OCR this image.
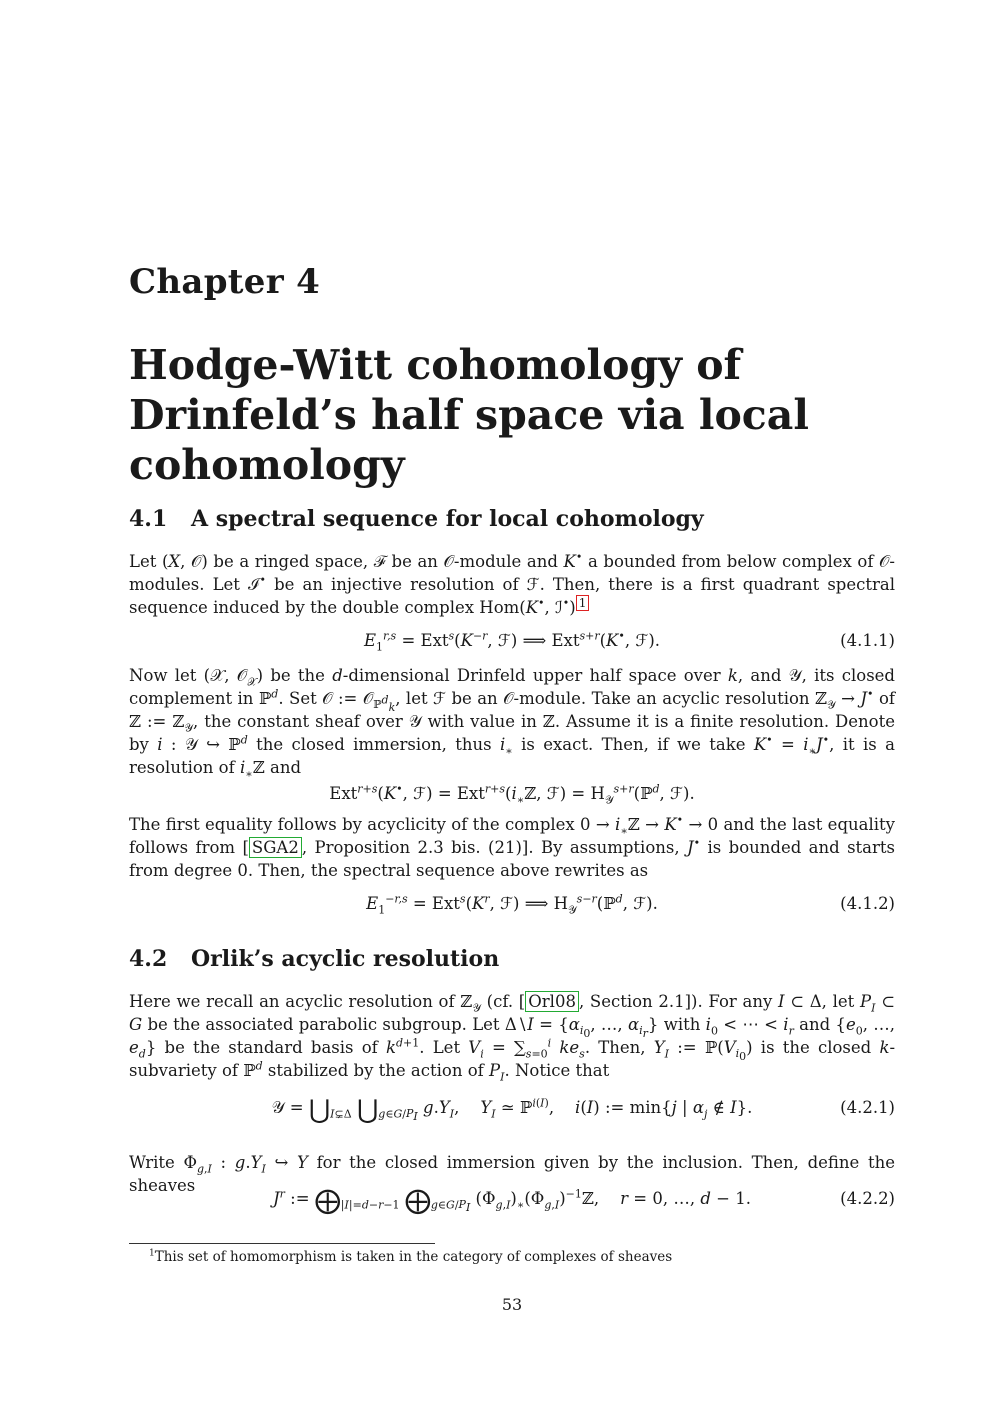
Chapter 4
Hodge-Witt cohomology of Drinfeld’s half space via local cohomology
4.1 A spectral sequence for local cohomology
Let (X, 𝒪) be a ringed space, ℱ be an 𝒪-module and K• a bounded from below complex of 𝒪-modules. Let ℐ• be an injective resolution of ℱ. Then, there is a first quadrant spectral sequence induced by the double complex Hom(K•, ℐ•) $^1$
$E_1^{r,s} = Ext^s(K^{-r}$, ℱ) ⟹ Ext$^{s+r}$(K•, ℱ).	(4.1.1)
Now let (𝒳, 𝒪$_𝒳$) be the d-dimensional Drinfeld upper half space over k, and 𝒴, its closed complement in ℙ$^d$. Set 𝒪 := 𝒪$_{ℙ^d_k}$, let ℱ be an 𝒪-module. Take an acyclic resolution ℤ$_𝒴$ → J• of ℤ := ℤ$_𝒴$, the constant sheaf over 𝒴 with value in ℤ. Assume it is a finite resolution. Denote by i : 𝒴 ↪ ℙ$^d$ the closed immersion, thus $i_∗$ is exact. Then, if we take $K^• = i_∗J^•$, it is a resolution of $i_∗ℤ$ and
Ext$^{r+s}$(K•, ℱ) = $Ext^{r+s}(i_∗ℤ$, ℱ) = $H_𝒴^{s+r}(ℙ^d$, ℱ).
The first equality follows by acyclicity of the complex $0 \to i_∗ℤ \to K^• \to 0$ and the last equality follows from [ SGA2 , Proposition 2.3 bis. (21)]. By assumptions, J• is bounded and starts from degree 0. Then, the spectral sequence above rewrites as
$E_1^{-r,s} = Ext^s(K^r$, ℱ) ⟹ $H_𝒴^{s-r}(ℙ^d$, ℱ).	(4.1.2)
4.2 Orlik’s acyclic resolution
Here we recall an acyclic resolution of ℤ$_𝒴$ (cf. [ Orl08 , Section 2.1]). For any I ⊂ Δ, let $P_I$ ⊂ G be the associated parabolic subgroup. Let Δ∖I = {$\alpha_{i_0}$, …, $\alpha_{i_r}$} with $i_0$ < ⋯ < $i_r$ and {$e_0$, …, $e_d$} be the standard basis of $k^{d+1}$. Let $V_i = \sum_{s=0}^i$ $ke_s$. Then, $Y_I$ := $ℙ(V_{i_0})$ is the closed k-subvariety of ℙ$^d$ stabilized by the action of $P_I$. Notice that
𝒴 = $⋃_{I⊊\Delta}$ $⋃_{g\in G/P_I}$ $g.Y_I$,    $Y_I$ ≃ ℙ$^{i(I)}$,    i(I) := min{j | $\alpha_j$ ∉ I}.	(4.2.1)
Write $\Phi_{g,I}$ : $g.Y_I$ ↪ Y for the closed immersion given by the inclusion. Then, define the sheaves
$J^r$ := $⨁_{|I|=d-r-1}$ $⨁_{g\in G/P_I}$ $(\Phi_{g,I})_∗(\Phi_{g,I})^{-1}ℤ$,    r = 0, …, d − 1.	(4.2.2)
$^1$This set of homomorphism is taken in the category of complexes of sheaves
53
